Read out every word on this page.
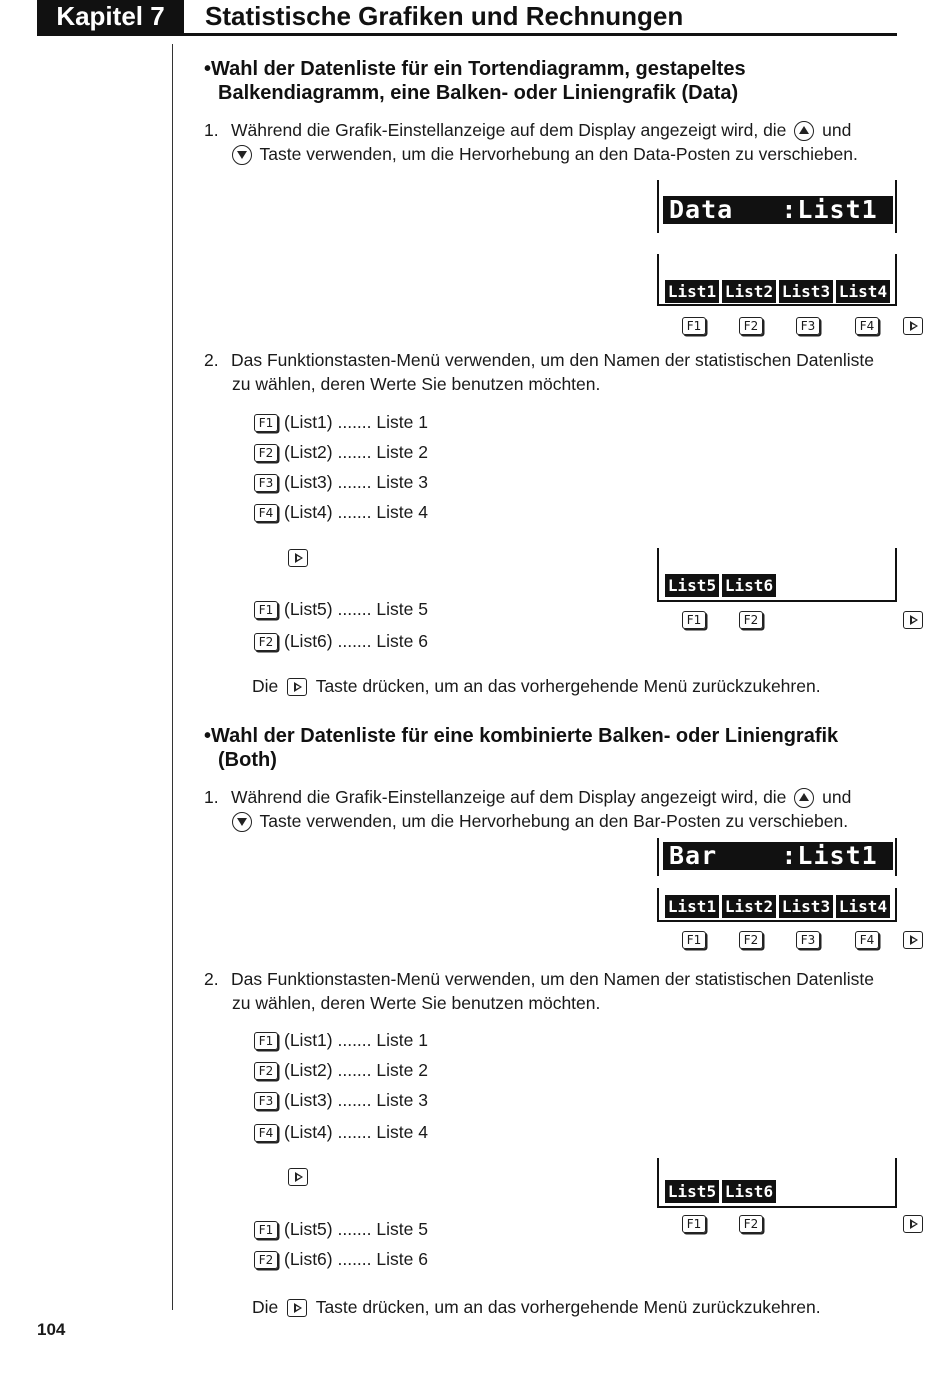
Kapitel 7	Statistische Grafiken und Rechnungen
•Wahl der Datenliste für ein Tortendiagramm, gestapeltes
Balkendiagramm, eine Balken- oder Liniengrafik (Data)
1. Während die Grafik-Einstellanzeige auf dem Display angezeigt wird, die und
Taste verwenden, um die Hervorhebung an den Data-Posten zu verschieben.
Data   :List1
List1 List2 List3 List4
F1	F2	F3	F4
2. Das Funktionstasten-Menü verwenden, um den Namen der statistischen Datenliste
zu wählen, deren Werte Sie benutzen möchten.
F1 (List1) ....... Liste 1
F2 (List2) ....... Liste 2
F3 (List3) ....... Liste 3
F4 (List4) ....... Liste 4
F1 (List5) ....... Liste 5
F2 (List6) ....... Liste 6
List5 List6
F1	F2
Die Taste drücken, um an das vorhergehende Menü zurückzukehren.
•Wahl der Datenliste für eine kombinierte Balken- oder Liniengrafik
(Both)
1. Während die Grafik-Einstellanzeige auf dem Display angezeigt wird, die und
Taste verwenden, um die Hervorhebung an den Bar-Posten zu verschieben.
Bar    :List1
List1 List2 List3 List4
F1	F2	F3	F4
2. Das Funktionstasten-Menü verwenden, um den Namen der statistischen Datenliste
zu wählen, deren Werte Sie benutzen möchten.
F1 (List1) ....... Liste 1
F2 (List2) ....... Liste 2
F3 (List3) ....... Liste 3
F4 (List4) ....... Liste 4
F1 (List5) ....... Liste 5
F2 (List6) ....... Liste 6
List5 List6
F1	F2
Die Taste drücken, um an das vorhergehende Menü zurückzukehren.
104
